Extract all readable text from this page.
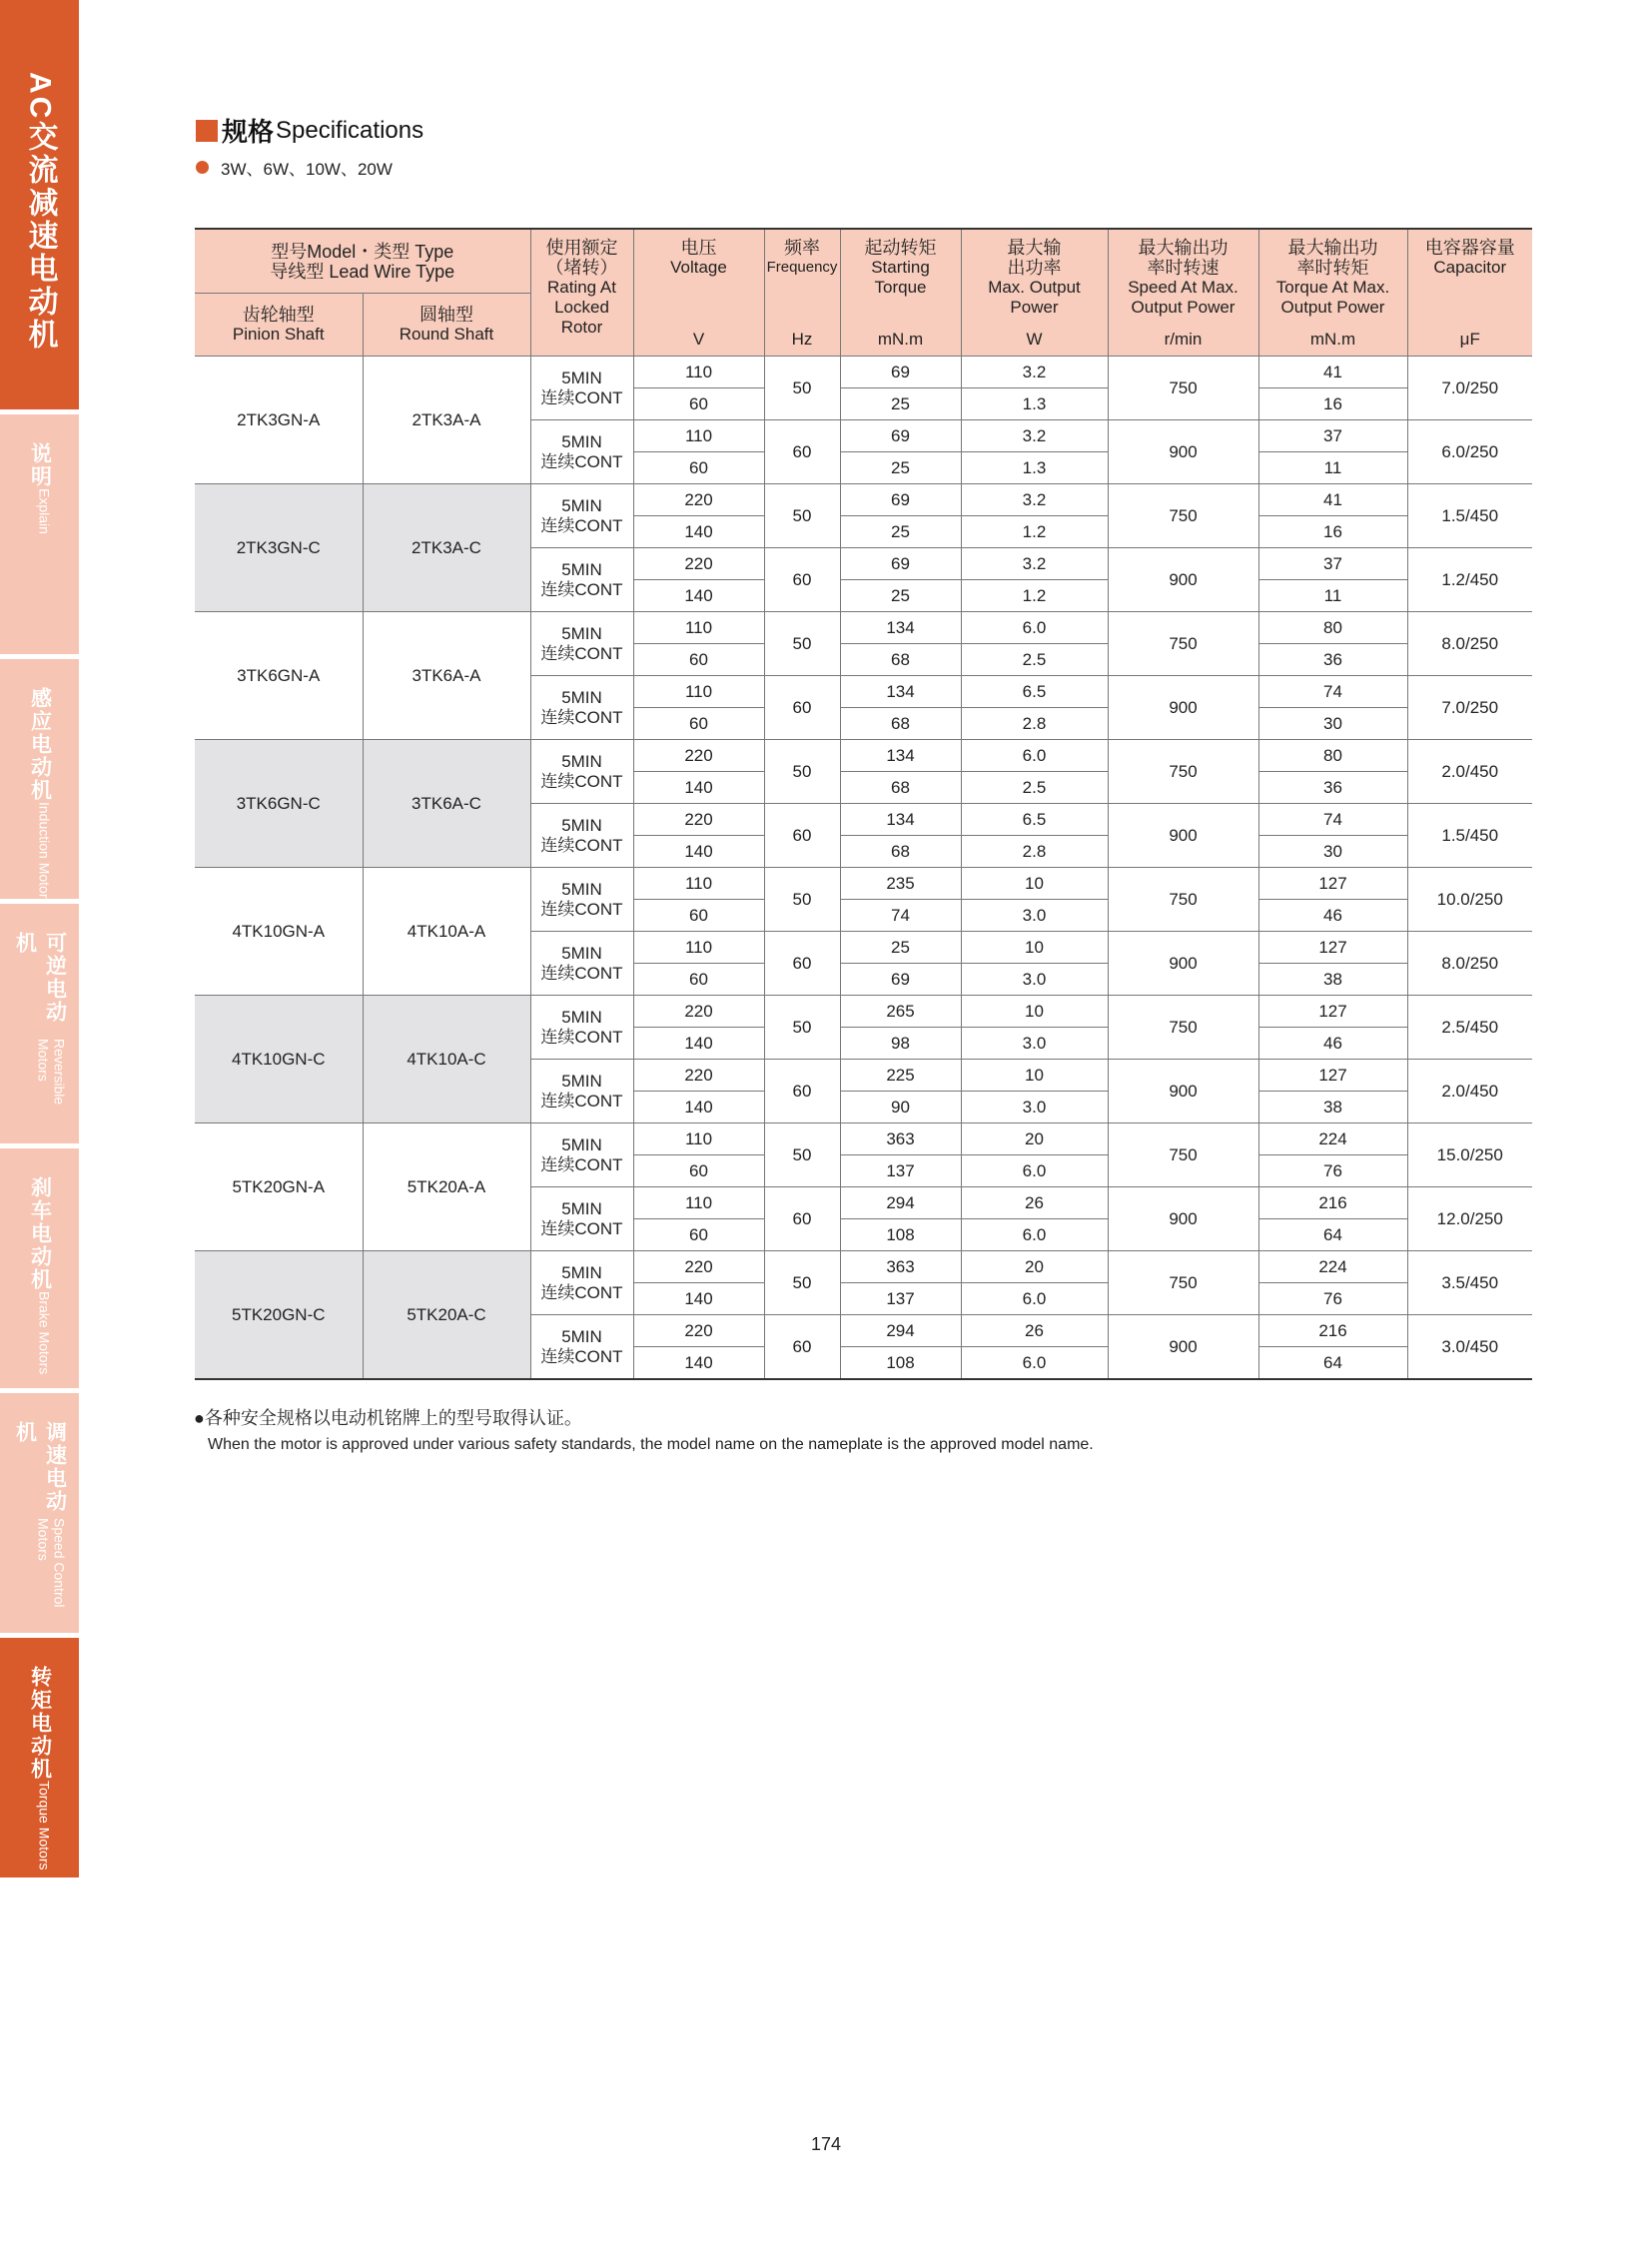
AC交流减速电动机
说明
Explain
感应电动机
Induction Motor
可逆电动机
Reversible Motors
刹车电动机
Brake Motors
调速电动机
Speed Control Motors
转矩电动机
Torque Motors
规格 Specifications
3W、6W、10W、20W
型号Model・类型 Type
导线型 Lead Wire Type		使用额定
（堵转）
Rating At
Locked
Rotor	电压
Voltage
V	频率
Frequency
Hz	起动转矩
Starting
Torque
mN.m	最大输
出功率
Max. Output
Power
W	最大输出功
率时转速
Speed At Max.
Output Power
r/min	最大输出功
率时转矩
Torque At Max.
Output Power
mN.m	电容器容量
Capacitor
μF

齿轮轴型
Pinion Shaft	圆轴型
Round Shaft								

2TK3GN-A	2TK3A-A	5MIN
连续CONT	110	50	69	3.2	750	41	7.0/250
			60		25	1.3		16	

		5MIN
连续CONT	110	60	69	3.2	900	37	6.0/250
			60		25	1.3		11	
2TK3GN-C	2TK3A-C	5MIN
连续CONT	220	50	69	3.2	750	41	1.5/450
			140		25	1.2		16	

		5MIN
连续CONT	220	60	69	3.2	900	37	1.2/450
			140		25	1.2		11	
3TK6GN-A	3TK6A-A	5MIN
连续CONT	110	50	134	6.0	750	80	8.0/250
			60		68	2.5		36	

		5MIN
连续CONT	110	60	134	6.5	900	74	7.0/250
			60		68	2.8		30	
3TK6GN-C	3TK6A-C	5MIN
连续CONT	220	50	134	6.0	750	80	2.0/450
			140		68	2.5		36	

		5MIN
连续CONT	220	60	134	6.5	900	74	1.5/450
			140		68	2.8		30	
4TK10GN-A	4TK10A-A	5MIN
连续CONT	110	50	235	10	750	127	10.0/250
			60		74	3.0		46	

		5MIN
连续CONT	110	60	25	10	900	127	8.0/250
			60		69	3.0		38	
4TK10GN-C	4TK10A-C	5MIN
连续CONT	220	50	265	10	750	127	2.5/450
			140		98	3.0		46	

		5MIN
连续CONT	220	60	225	10	900	127	2.0/450
			140		90	3.0		38	
5TK20GN-A	5TK20A-A	5MIN
连续CONT	110	50	363	20	750	224	15.0/250
			60		137	6.0		76	

		5MIN
连续CONT	110	60	294	26	900	216	12.0/250
			60		108	6.0		64	
5TK20GN-C	5TK20A-C	5MIN
连续CONT	220	50	363	20	750	224	3.5/450
			140		137	6.0		76	

		5MIN
连续CONT	220	60	294	26	900	216	3.0/450
			140		108	6.0		64	
●各种安全规格以电动机铭牌上的型号取得认证。
When the motor is approved under various safety standards, the model name on the nameplate is the approved model name.
174
